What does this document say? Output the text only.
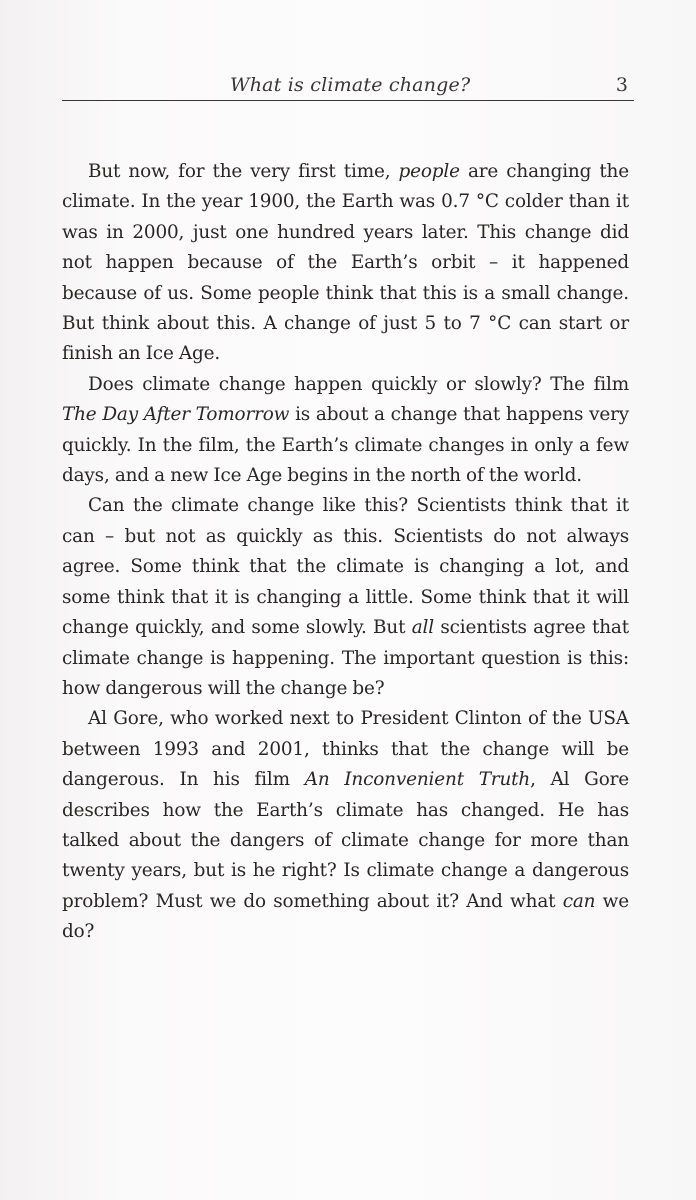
What is climate change?	3

But now, for the very first time, people are changing the climate. In the year 1900, the Earth was 0.7 °C colder than it was in 2000, just one hundred years later. This change did not happen because of the Earth’s orbit – it happened because of us. Some people think that this is a small change. But think about this. A change of just 5 to 7 °C can start or finish an Ice Age.

Does climate change happen quickly or slowly? The film The Day After Tomorrow is about a change that happens very quickly. In the film, the Earth’s climate changes in only a few days, and a new Ice Age begins in the north of the world.

Can the climate change like this? Scientists think that it can – but not as quickly as this. Scientists do not always agree. Some think that the climate is changing a lot, and some think that it is changing a little. Some think that it will change quickly, and some slowly. But all scientists agree that climate change is happening. The important question is this: how dangerous will the change be?

Al Gore, who worked next to President Clinton of the USA between 1993 and 2001, thinks that the change will be dangerous. In his film An Inconvenient Truth, Al Gore describes how the Earth’s climate has changed. He has talked about the dangers of climate change for more than twenty years, but is he right? Is climate change a dangerous problem? Must we do something about it? And what can we do?
